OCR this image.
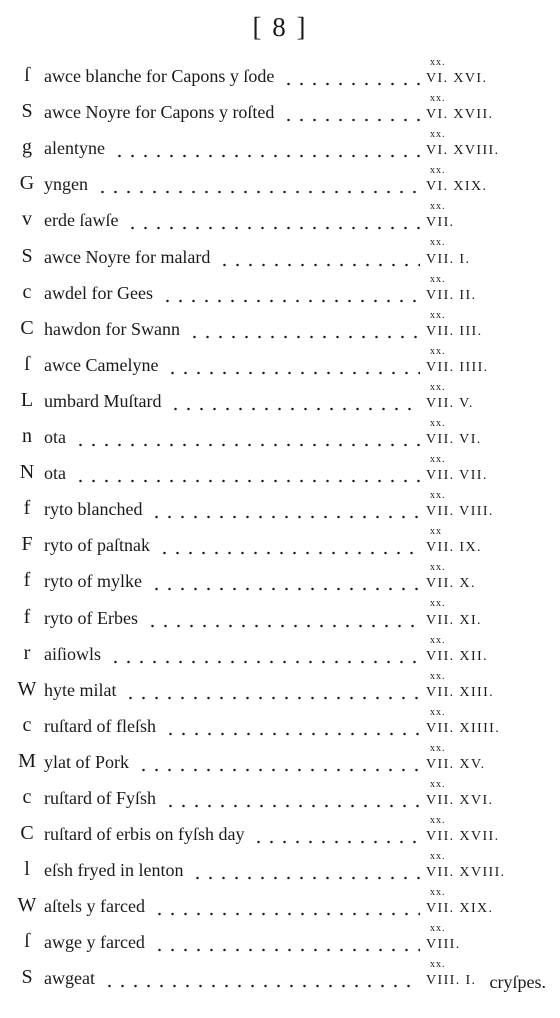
[ 8 ]
ſ awce blanche for Capons y ſode
xx.
VI. XVI.
S awce Noyre for Capons y roſted
xx.
VI. XVII.
g alentyne
xx.
VI. XVIII.
G yngen
xx.
VI. XIX.
v erde ſawſe
xx.
VII.
S awce Noyre for malard
xx.
VII. I.
c awdel for Gees
xx.
VII. II.
C hawdon for Swann
xx.
VII. III.
ſ awce Camelyne
xx.
VII. IIII.
L umbard Muſtard
xx.
VII. V.
n ota
xx.
VII. VI.
N ota
xx.
VII. VII.
f ryto blanched
xx.
VII. VIII.
F ryto of paſtnak
xx
VII. IX.
f ryto of mylke
xx.
VII. X.
f ryto of Erbes
xx.
VII. XI.
r aiſiowls
xx.
VII. XII.
W hyte milat
xx.
VII. XIII.
c ruſtard of fleſsh
xx.
VII. XIIII.
M ylat of Pork
xx.
VII. XV.
c ruſtard of Fyſsh
xx.
VII. XVI.
C ruſtard of erbis on fyſsh day
xx.
VII. XVII.
l eſsh fryed in lenton
xx.
VII. XVIII.
W aſtels y farced
xx.
VII. XIX.
ſ awge y farced
xx.
VIII.
S awgeat
xx.
VIII. I. cryſpes.
